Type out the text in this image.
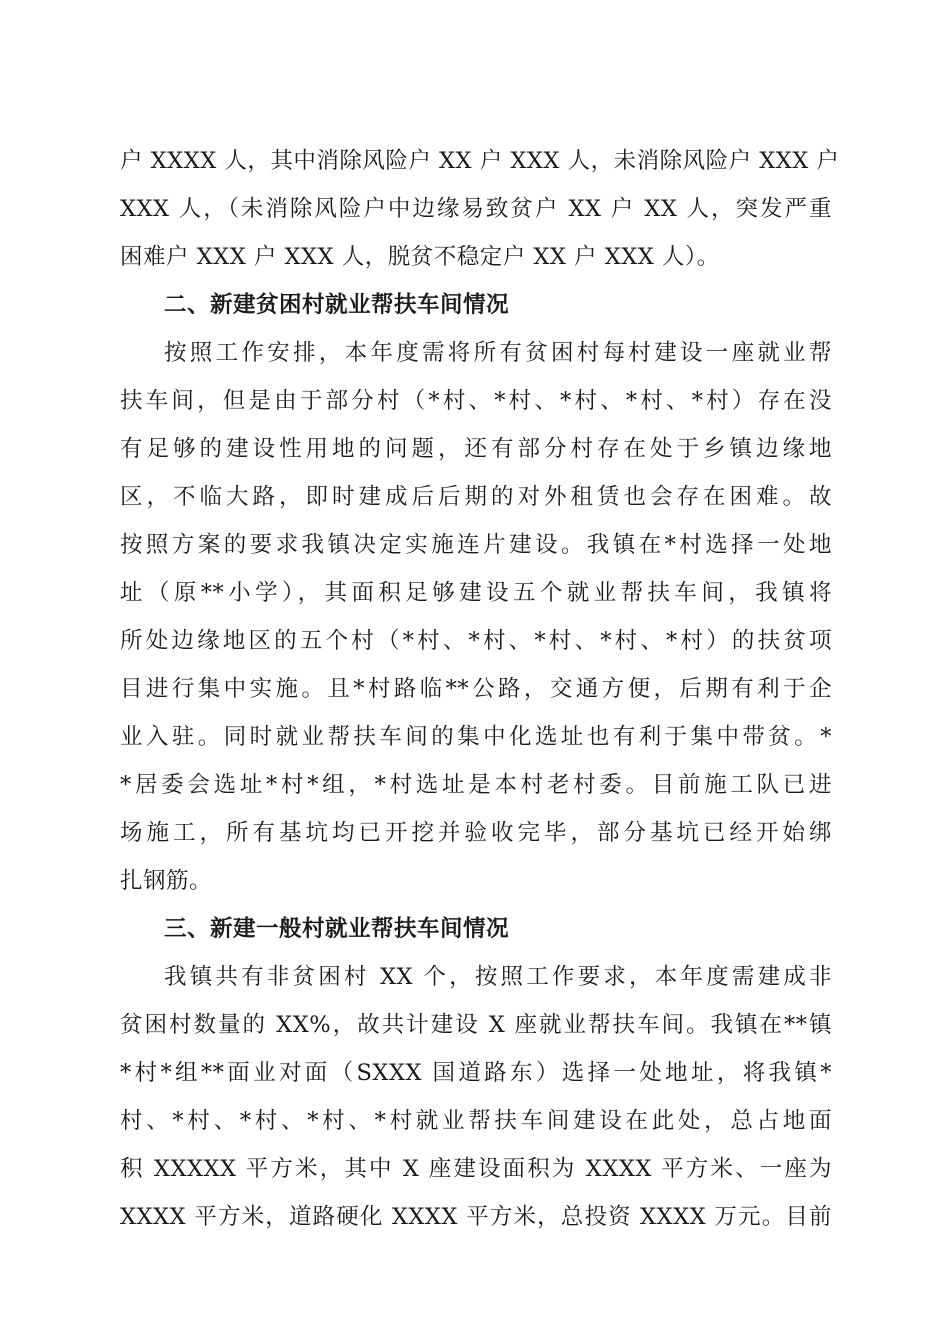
户 XXXX 人，其中消除风险户 XX 户 XXX 人，未消除风险户 XXX 户
XXX 人，（未消除风险户中边缘易致贫户 XX 户 XX 人，突发严重
困难户 XXX 户 XXX 人，脱贫不稳定户 XX 户 XXX 人）。
二、新建贫困村就业帮扶车间情况
按照工作安排，本年度需将所有贫困村每村建设一座就业帮
扶车间，但是由于部分村（*村、*村、*村、*村、*村）存在没
有足够的建设性用地的问题，还有部分村存在处于乡镇边缘地
区，不临大路，即时建成后后期的对外租赁也会存在困难。故
按照方案的要求我镇决定实施连片建设。我镇在*村选择一处地
址（原**小学），其面积足够建设五个就业帮扶车间，我镇将
所处边缘地区的五个村（*村、*村、*村、*村、*村）的扶贫项
目进行集中实施。且*村路临**公路，交通方便，后期有利于企
业入驻。同时就业帮扶车间的集中化选址也有利于集中带贫。*
*居委会选址*村*组，*村选址是本村老村委。目前施工队已进
场施工，所有基坑均已开挖并验收完毕，部分基坑已经开始绑
扎钢筋。
三、新建一般村就业帮扶车间情况
我镇共有非贫困村 XX 个，按照工作要求，本年度需建成非
贫困村数量的 XX%，故共计建设 X 座就业帮扶车间。我镇在**镇
*村*组**面业对面（SXXX 国道路东）选择一处地址，将我镇*
村、*村、*村、*村、*村就业帮扶车间建设在此处，总占地面
积 XXXXX 平方米，其中 X 座建设面积为 XXXX 平方米、一座为
XXXX 平方米，道路硬化 XXXX 平方米，总投资 XXXX 万元。目前
